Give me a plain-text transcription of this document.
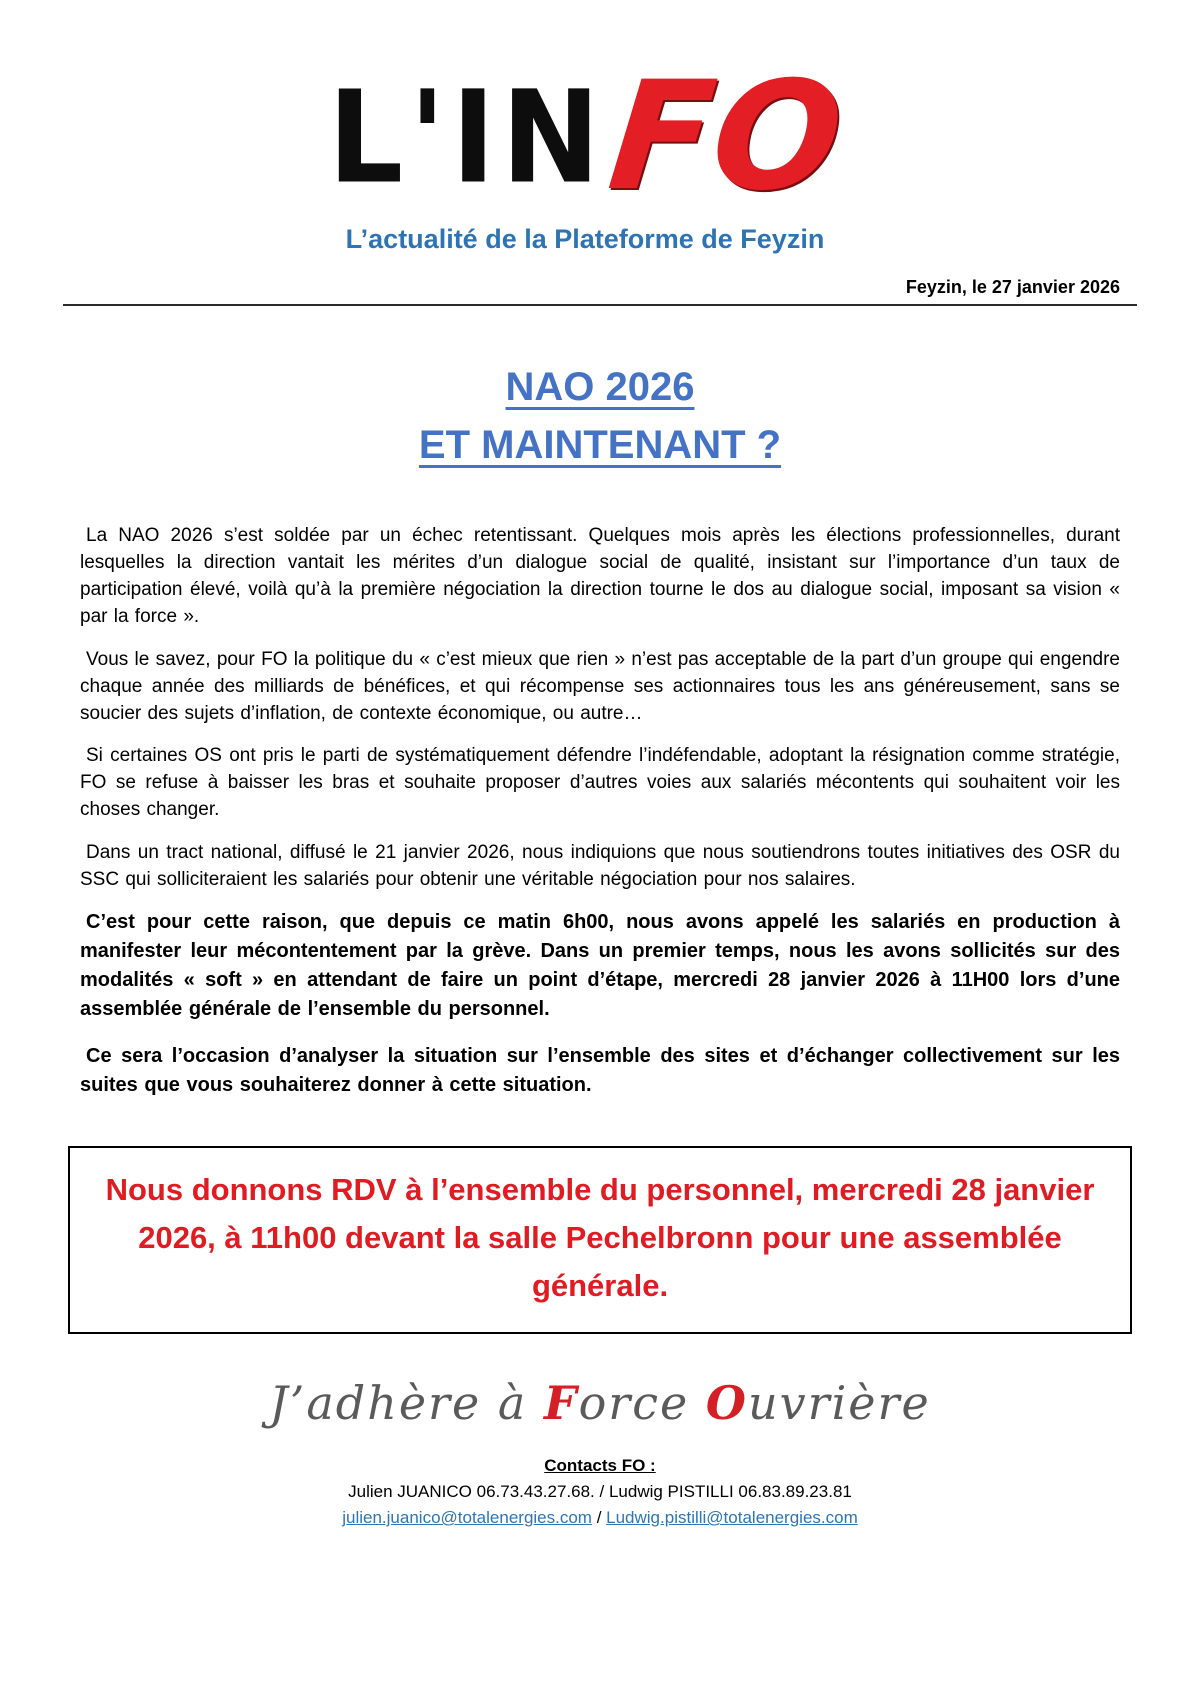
L'INFO
L’actualité de la Plateforme de Feyzin
Feyzin, le 27 janvier 2026
NAO 2026
ET MAINTENANT ?

La NAO 2026 s’est soldée par un échec retentissant. Quelques mois après les élections professionnelles, durant lesquelles la direction vantait les mérites d’un dialogue social de qualité, insistant sur l’importance d’un taux de participation élevé, voilà qu’à la première négociation la direction tourne le dos au dialogue social, imposant sa vision « par la force ».

Vous le savez, pour FO la politique du « c’est mieux que rien » n’est pas acceptable de la part d’un groupe qui engendre chaque année des milliards de bénéfices, et qui récompense ses actionnaires tous les ans généreusement, sans se soucier des sujets d’inflation, de contexte économique, ou autre…

Si certaines OS ont pris le parti de systématiquement défendre l’indéfendable, adoptant la résignation comme stratégie, FO se refuse à baisser les bras et souhaite proposer d’autres voies aux salariés mécontents qui souhaitent voir les choses changer.

Dans un tract national, diffusé le 21 janvier 2026, nous indiquions que nous soutiendrons toutes initiatives des OSR du SSC qui solliciteraient les salariés pour obtenir une véritable négociation pour nos salaires.

C’est pour cette raison, que depuis ce matin 6h00, nous avons appelé les salariés en production à manifester leur mécontentement par la grève. Dans un premier temps, nous les avons sollicités sur des modalités « soft » en attendant de faire un point d’étape, mercredi 28 janvier 2026 à 11H00 lors d’une assemblée générale de l’ensemble du personnel.

Ce sera l’occasion d’analyser la situation sur l’ensemble des sites et d’échanger collectivement sur les suites que vous souhaiterez donner à cette situation.

Nous donnons RDV à l’ensemble du personnel, mercredi 28 janvier 2026, à 11h00 devant la salle Pechelbronn pour une assemblée générale.
J’adhère à Force Ouvrière
Contacts FO :
Julien JUANICO 06.73.43.27.68. / Ludwig PISTILLI 06.83.89.23.81
julien.juanico@totalenergies.com / Ludwig.pistilli@totalenergies.com
